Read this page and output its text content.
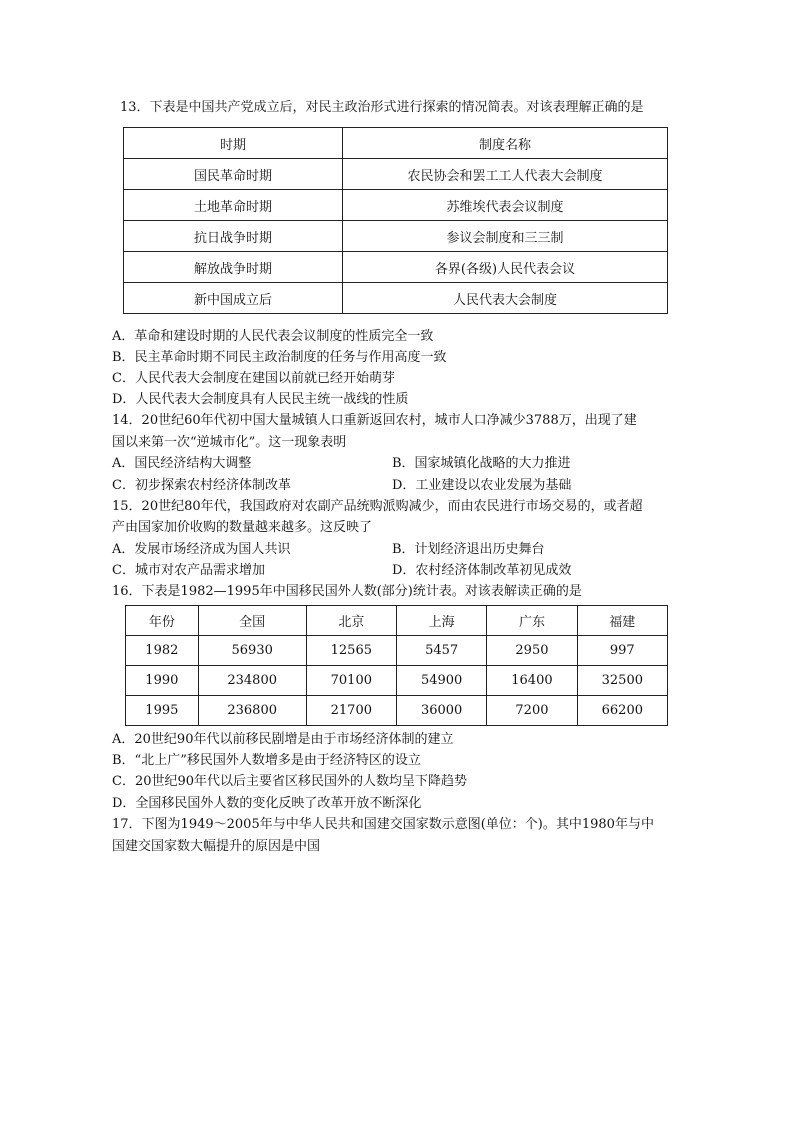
13．下表是中国共产党成立后，对民主政治形式进行探索的情况简表。对该表理解正确的是
时期	制度名称
国民革命时期	农民协会和罢工工人代表大会制度
土地革命时期	苏维埃代表会议制度
抗日战争时期	参议会制度和三三制
解放战争时期	各界(各级)人民代表会议
新中国成立后	人民代表大会制度
A．革命和建设时期的人民代表会议制度的性质完全一致
B．民主革命时期不同民主政治制度的任务与作用高度一致
C．人民代表大会制度在建国以前就已经开始萌芽
D．人民代表大会制度具有人民民主统一战线的性质
14．20世纪60年代初中国大量城镇人口重新返回农村，城市人口净减少3788万，出现了建
国以来第一次“逆城市化”。这一现象表明
A．国民经济结构大调整	B．国家城镇化战略的大力推进
C．初步探索农村经济体制改革	D．工业建设以农业发展为基础
15．20世纪80年代，我国政府对农副产品统购派购减少，而由农民进行市场交易的，或者超
产由国家加价收购的数量越来越多。这反映了
A．发展市场经济成为国人共识	B．计划经济退出历史舞台
C．城市对农产品需求增加	D．农村经济体制改革初见成效
16．下表是1982—1995年中国移民国外人数(部分)统计表。对该表解读正确的是
年份	全国	北京	上海	广东	福建
1982	56930	12565	5457	2950	997
1990	234800	70100	54900	16400	32500
1995	236800	21700	36000	7200	66200
A．20世纪90年代以前移民剧增是由于市场经济体制的建立
B．“北上广”移民国外人数增多是由于经济特区的设立
C．20世纪90年代以后主要省区移民国外的人数均呈下降趋势
D．全国移民国外人数的变化反映了改革开放不断深化
17．下图为1949～2005年与中华人民共和国建交国家数示意图(单位：个)。其中1980年与中
国建交国家数大幅提升的原因是中国
